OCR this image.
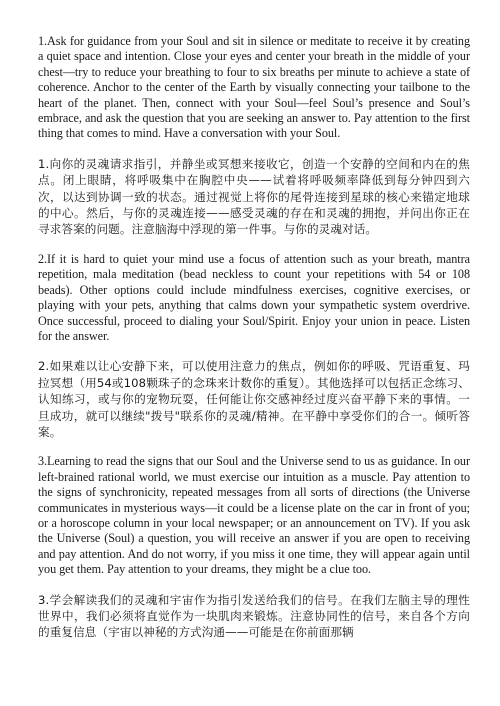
1.Ask for guidance from your Soul and sit in silence or meditate to receive it by creating a quiet space and intention. Close your eyes and center your breath in the middle of your chest—try to reduce your breathing to four to six breaths per minute to achieve a state of coherence. Anchor to the center of the Earth by visually connecting your tailbone to the heart of the planet. Then, connect with your Soul—feel Soul’s presence and Soul’s embrace, and ask the question that you are seeking an answer to. Pay attention to the first thing that comes to mind. Have a conversation with your Soul.

1.向你的灵魂请求指引，并静坐或冥想来接收它，创造一个安静的空间和内在的焦点。闭上眼睛，将呼吸集中在胸腔中央——试着将呼吸频率降低到每分钟四到六次，以达到协调一致的状态。通过视觉上将你的尾骨连接到星球的核心来锚定地球的中心。然后，与你的灵魂连接——感受灵魂的存在和灵魂的拥抱，并问出你正在寻求答案的问题。注意脑海中浮现的第一件事。与你的灵魂对话。

2.If it is hard to quiet your mind use a focus of attention such as your breath, mantra repetition, mala meditation (bead neckless to count your repetitions with 54 or 108 beads). Other options could include mindfulness exercises, cognitive exercises, or playing with your pets, anything that calms down your sympathetic system overdrive. Once successful, proceed to dialing your Soul/Spirit. Enjoy your union in peace. Listen for the answer.

2.如果难以让心安静下来，可以使用注意力的焦点，例如你的呼吸、咒语重复、玛拉冥想（用54或108颗珠子的念珠来计数你的重复）。其他选择可以包括正念练习、认知练习，或与你的宠物玩耍，任何能让你交感神经过度兴奋平静下来的事情。一旦成功，就可以继续"拨号"联系你的灵魂/精神。在平静中享受你们的合一。倾听答案。

3.Learning to read the signs that our Soul and the Universe send to us as guidance. In our left-brained rational world, we must exercise our intuition as a muscle. Pay attention to the signs of synchronicity, repeated messages from all sorts of directions (the Universe communicates in mysterious ways—it could be a license plate on the car in front of you; or a horoscope column in your local newspaper; or an announcement on TV). If you ask the Universe (Soul) a question, you will receive an answer if you are open to receiving and pay attention. And do not worry, if you miss it one time, they will appear again until you get them. Pay attention to your dreams, they might be a clue too.

3.学会解读我们的灵魂和宇宙作为指引发送给我们的信号。在我们左脑主导的理性世界中，我们必须将直觉作为一块肌肉来锻炼。注意协同性的信号，来自各个方向的重复信息（宇宙以神秘的方式沟通——可能是在你前面那辆
